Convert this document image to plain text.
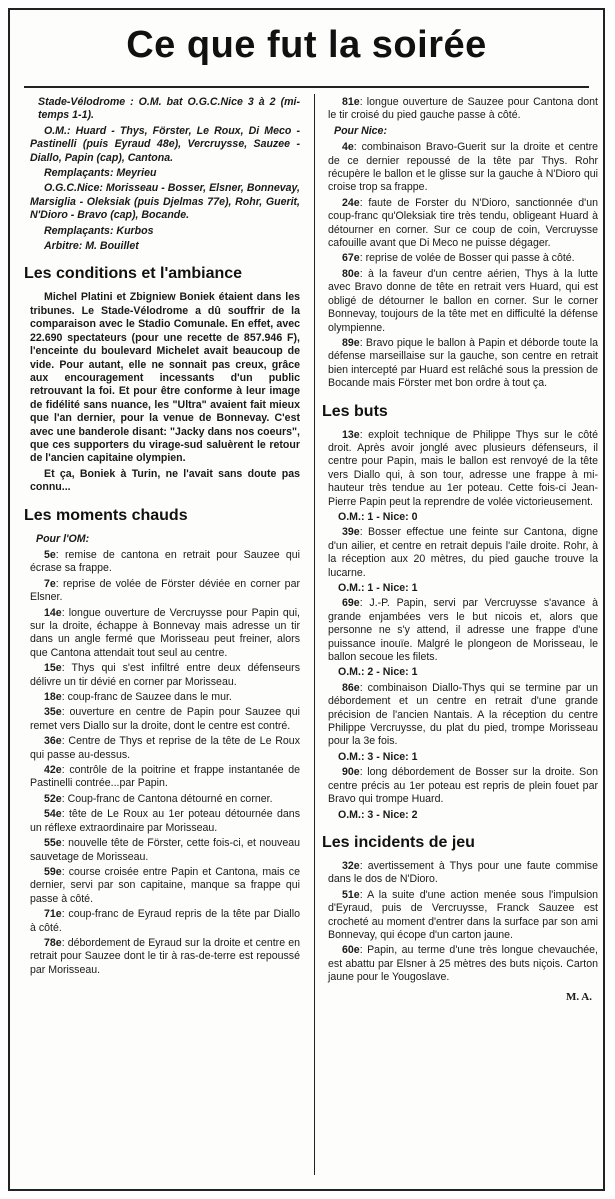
Ce que fut la soirée

Stade-Vélodrome : O.M. bat O.G.C.Nice 3 à 2 (mi-temps 1-1).

O.M.: Huard - Thys, Förster, Le Roux, Di Meco - Pastinelli (puis Eyraud 48e), Vercruysse, Sauzee - Diallo, Papin (cap), Cantona.

Remplaçants: Meyrieu

O.G.C.Nice: Morisseau - Bosser, Elsner, Bonnevay, Marsiglia - Oleksiak (puis Djelmas 77e), Rohr, Guerit, N'Dioro - Bravo (cap), Bocande.

Remplaçants: Kurbos

Arbitre: M. Bouillet

Les conditions et l'ambiance

Michel Platini et Zbigniew Boniek étaient dans les tribunes. Le Stade-Vélodrome a dû souffrir de la comparaison avec le Stadio Comunale. En effet, avec 22.690 spectateurs (pour une recette de 857.946 F), l'enceinte du boulevard Michelet avait beaucoup de vide. Pour autant, elle ne sonnait pas creux, grâce aux encouragement incessants d'un public retrouvant la foi. Et pour être conforme à leur image de fidélité sans nuance, les "Ultra" avaient fait mieux que l'an dernier, pour la venue de Bonnevay. C'est avec une banderole disant: "Jacky dans nos coeurs", que ces supporters du virage-sud saluèrent le retour de l'ancien capitaine olympien.

Et ça, Boniek à Turin, ne l'avait sans doute pas connu...

Les moments chauds

Pour l'OM:

5e: remise de cantona en retrait pour Sauzee qui écrase sa frappe.

7e: reprise de volée de Förster déviée en corner par Elsner.

14e: longue ouverture de Vercruysse pour Papin qui, sur la droite, échappe à Bonnevay mais adresse un tir dans un angle fermé que Morisseau peut freiner, alors que Cantona attendait tout seul au centre.

15e: Thys qui s'est infiltré entre deux défenseurs délivre un tir dévié en corner par Morisseau.

18e: coup-franc de Sauzee dans le mur.

35e: ouverture en centre de Papin pour Sauzee qui remet vers Diallo sur la droite, dont le centre est contré.

36e: Centre de Thys et reprise de la tête de Le Roux qui passe au-dessus.

42e: contrôle de la poitrine et frappe instantanée de Pastinelli contrée...par Papin.

52e: Coup-franc de Cantona détourné en corner.

54e: tête de Le Roux au 1er poteau détournée dans un réflexe extraordinaire par Morisseau.

55e: nouvelle tête de Förster, cette fois-ci, et nouveau sauvetage de Morisseau.

59e: course croisée entre Papin et Cantona, mais ce dernier, servi par son capitaine, manque sa frappe qui passe à côté.

71e: coup-franc de Eyraud repris de la tête par Diallo à côté.

78e: débordement de Eyraud sur la droite et centre en retrait pour Sauzee dont le tir à ras-de-terre est repoussé par Morisseau.

81e: longue ouverture de Sauzee pour Cantona dont le tir croisé du pied gauche passe à côté.

Pour Nice:

4e: combinaison Bravo-Guerit sur la droite et centre de ce dernier repoussé de la tête par Thys. Rohr récupère le ballon et le glisse sur la gauche à N'Dioro qui croise trop sa frappe.

24e: faute de Forster du N'Dioro, sanctionnée d'un coup-franc qu'Oleksiak tire très tendu, obligeant Huard à détourner en corner. Sur ce coup de coin, Vercruysse cafouille avant que Di Meco ne puisse dégager.

67e: reprise de volée de Bosser qui passe à côté.

80e: à la faveur d'un centre aérien, Thys à la lutte avec Bravo donne de tête en retrait vers Huard, qui est obligé de détourner le ballon en corner. Sur le corner Bonnevay, toujours de la tête met en difficulté la défense olympienne.

89e: Bravo pique le ballon à Papin et déborde toute la défense marseillaise sur la gauche, son centre en retrait bien intercepté par Huard est relâché sous la pression de Bocande mais Förster met bon ordre à tout ça.

Les buts

13e: exploit technique de Philippe Thys sur le côté droit. Après avoir jonglé avec plusieurs défenseurs, il centre pour Papin, mais le ballon est renvoyé de la tête vers Diallo qui, à son tour, adresse une frappe à mi-hauteur très tendue au 1er poteau. Cette fois-ci Jean-Pierre Papin peut la reprendre de volée victorieusement.

O.M.: 1 - Nice: 0

39e: Bosser effectue une feinte sur Cantona, digne d'un ailier, et centre en retrait depuis l'aile droite. Rohr, à la réception aux 20 mètres, du pied gauche trouve la lucarne.

O.M.: 1 - Nice: 1

69e: J.-P. Papin, servi par Vercruysse s'avance à grande enjambées vers le but nicois et, alors que personne ne s'y attend, il adresse une frappe d'une puissance inouïe. Malgré le plongeon de Morisseau, le ballon secoue les filets.

O.M.: 2 - Nice: 1

86e: combinaison Diallo-Thys qui se termine par un débordement et un centre en retrait d'une grande précision de l'ancien Nantais. A la réception du centre Philippe Vercruysse, du plat du pied, trompe Morisseau pour la 3e fois.

O.M.: 3 - Nice: 1

90e: long débordement de Bosser sur la droite. Son centre précis au 1er poteau est repris de plein fouet par Bravo qui trompe Huard.

O.M.: 3 - Nice: 2

Les incidents de jeu

32e: avertissement à Thys pour une faute commise dans le dos de N'Dioro.

51e: A la suite d'une action menée sous l'impulsion d'Eyraud, puis de Vercruysse, Franck Sauzee est crocheté au moment d'entrer dans la surface par son ami Bonnevay, qui écope d'un carton jaune.

60e: Papin, au terme d'une très longue chevauchée, est abattu par Elsner à 25 mètres des buts niçois. Carton jaune pour le Yougoslave.

M. A.
